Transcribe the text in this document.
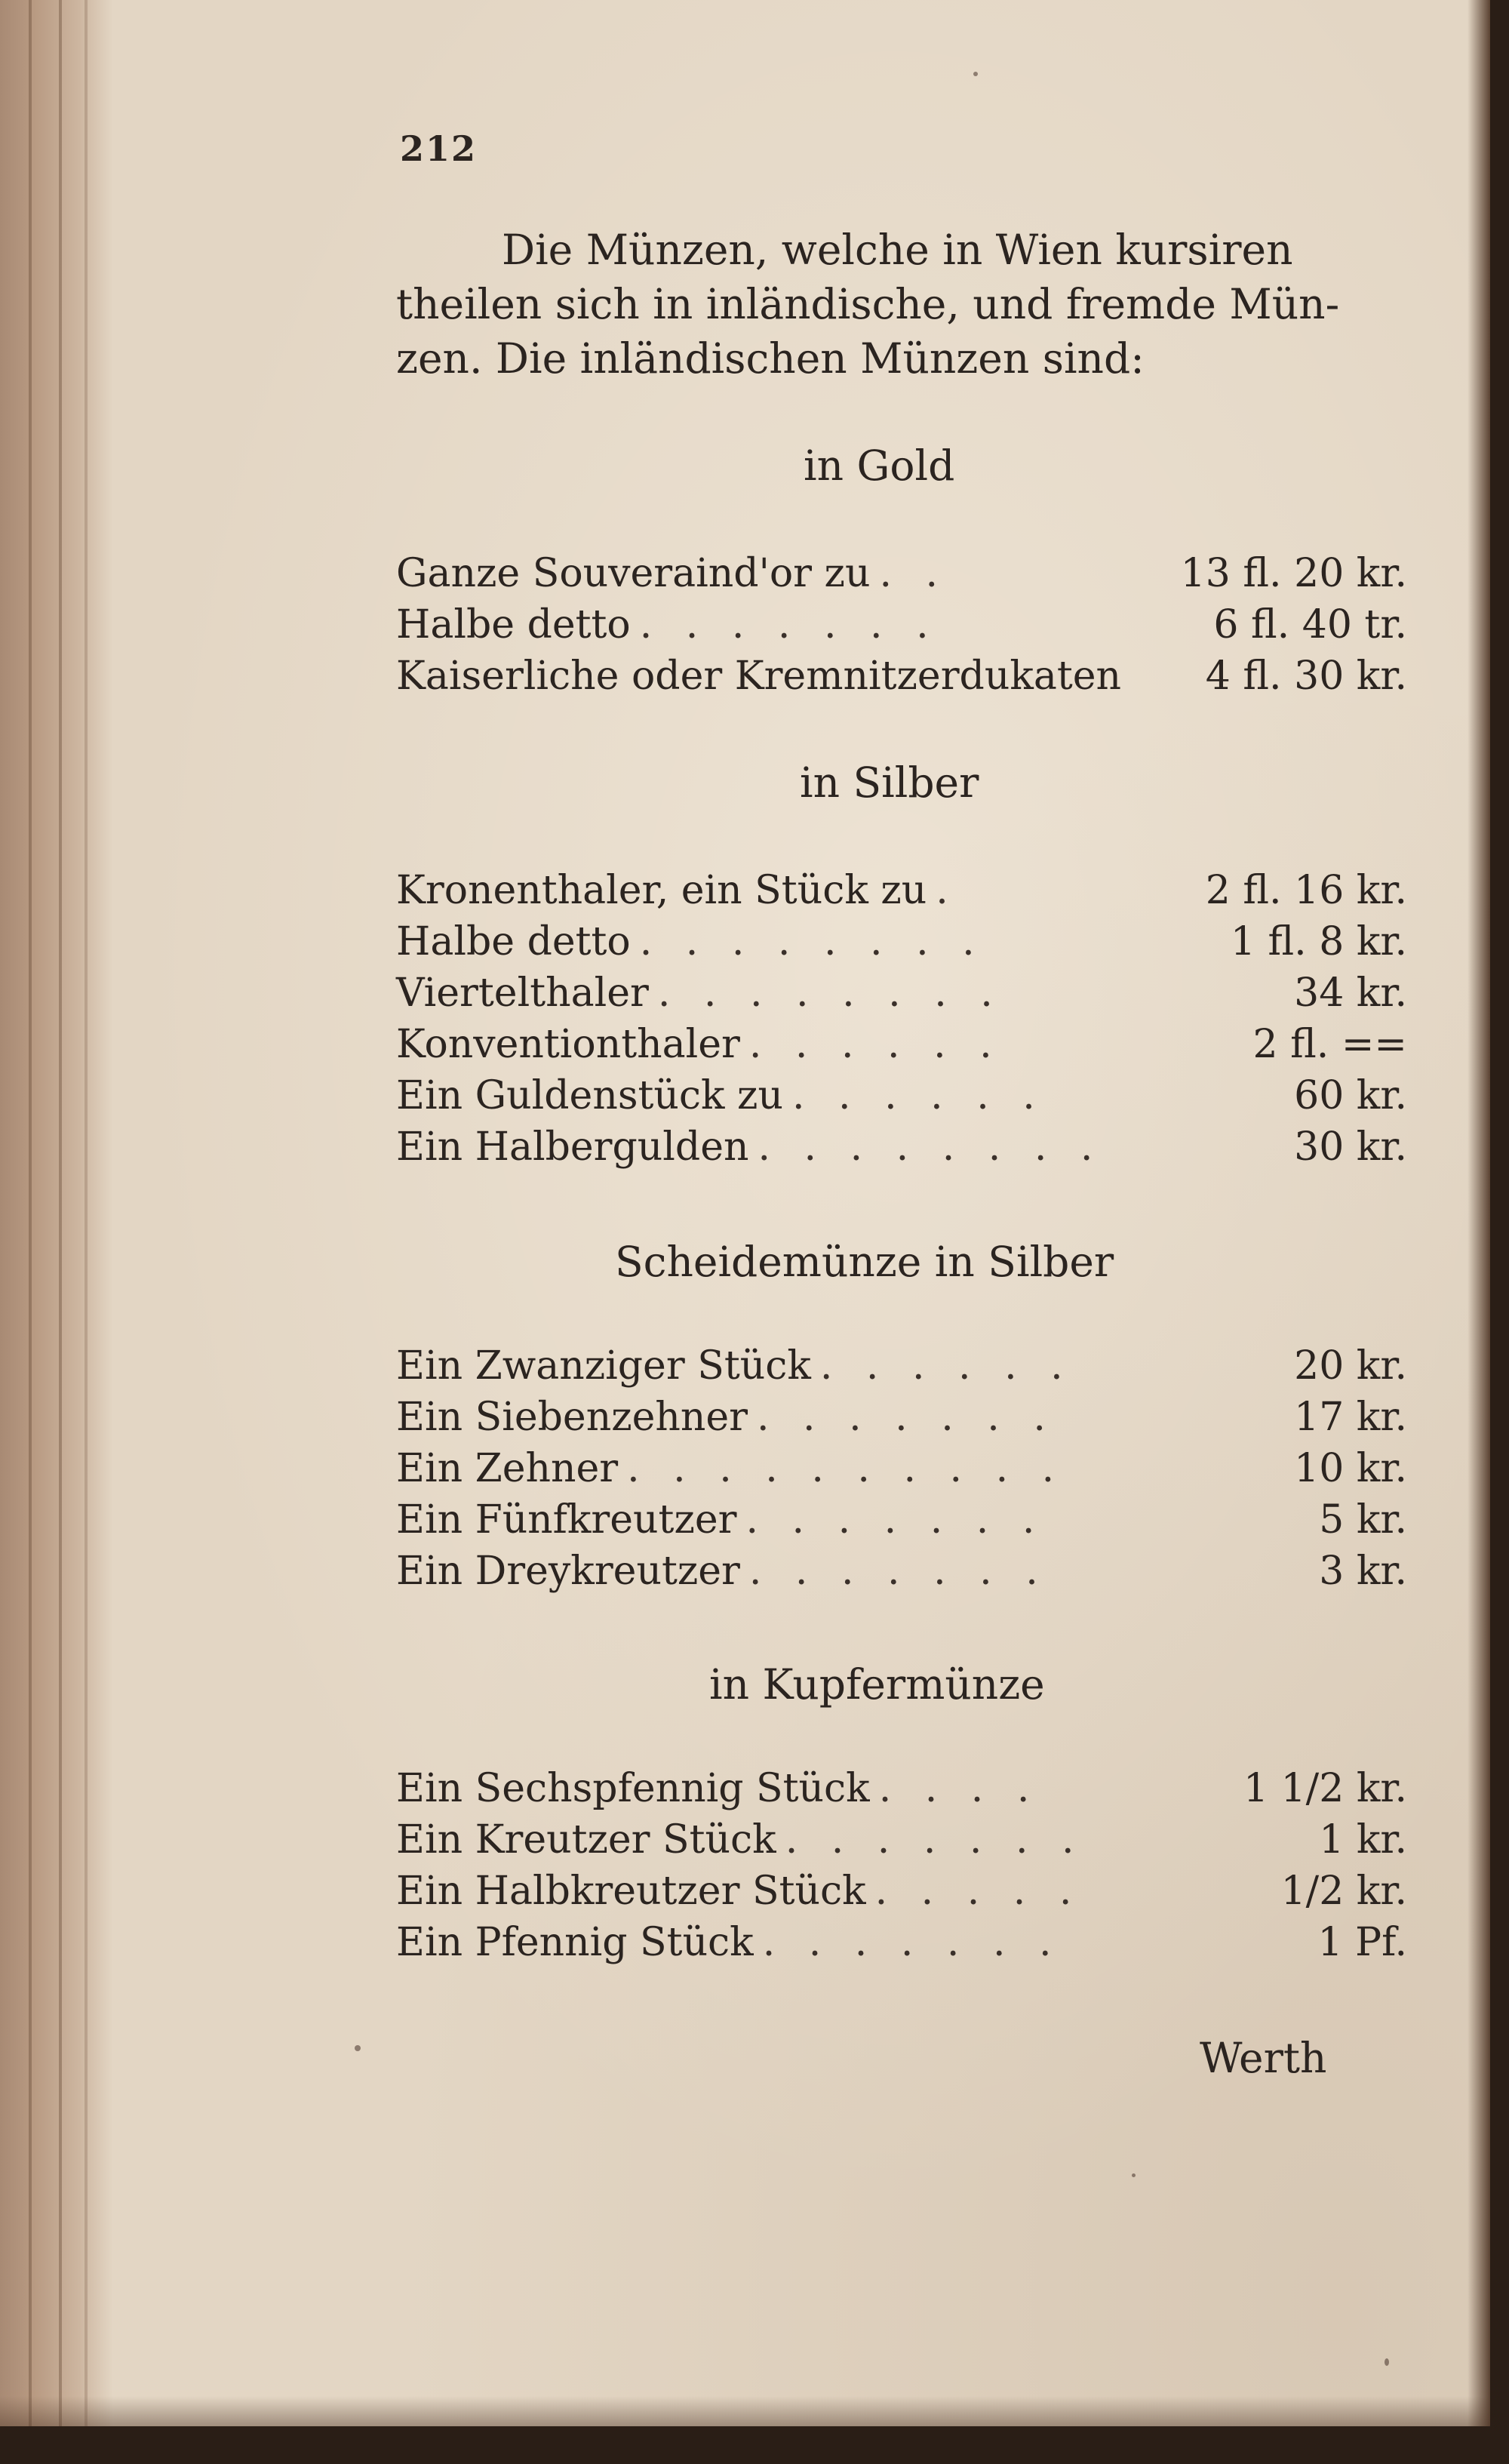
212
Die Münzen, welche in Wien kursiren
theilen sich in inländische, und fremde Mün-
zen. Die inländischen Münzen sind:
in Gold
Ganze Souveraind'or zu . .	13 fl. 20 kr.
Halbe detto . . . . . . .	6 fl. 40 tr.
Kaiserliche oder Kremnitzerdukaten 4 fl. 30 kr.
in Silber
Kronenthaler, ein Stück zu .	2 fl. 16 kr.
Halbe detto . . . . . . . .	1 fl. 8 kr.
Viertelthaler . . . . . . . .	34 kr.
Konventionthaler . . . . . .	2 fl. ==
Ein Guldenstück zu . . . . . .	60 kr.
Ein Halbergulden . . . . . . . .	30 kr.
Scheidemünze in Silber
Ein Zwanziger Stück . . . . . .	20 kr.
Ein Siebenzehner . . . . . . .	17 kr.
Ein Zehner . . . . . . . . . .	10 kr.
Ein Fünfkreutzer . . . . . . .	5 kr.
Ein Dreykreutzer . . . . . . .	3 kr.
in Kupfermünze
Ein Sechspfennig Stück . . . .	1 1/2 kr.
Ein Kreutzer Stück . . . . . . .	1 kr.
Ein Halbkreutzer Stück . . . . .	1/2 kr.
Ein Pfennig Stück . . . . . . .	1 Pf.
Werth
